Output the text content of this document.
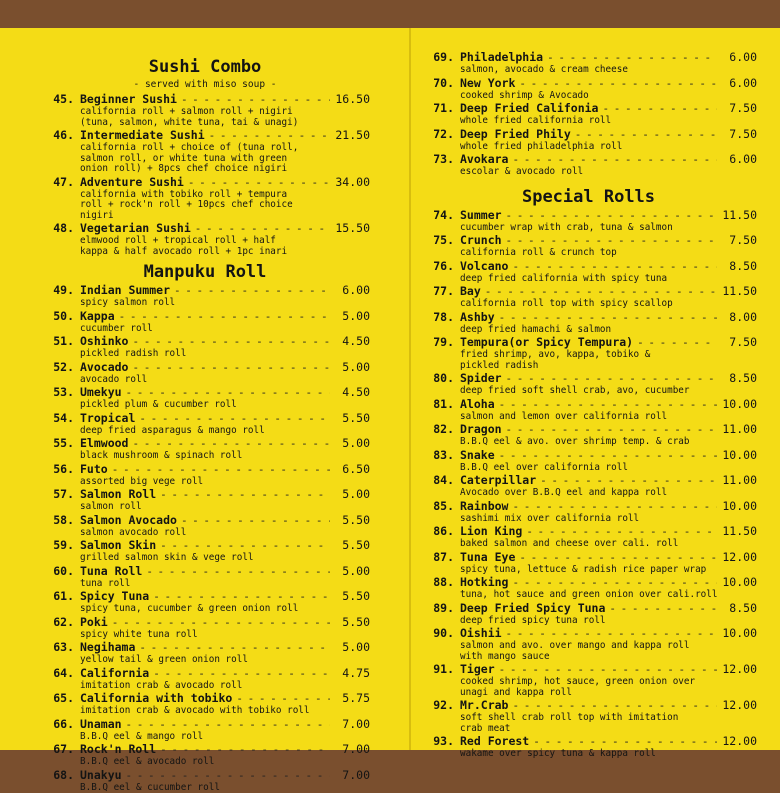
Sushi Combo
- served with miso soup -
45. Beginner Sushi - - -	16.50
california roll + salmon roll + nigiri
(tuna, salmon, white tuna, tai & unagi)
46. Intermediate Sushi - - -	21.50
california roll + choice of (tuna roll,
salmon roll, or white tuna with green
onion roll) + 8pcs chef choice nigiri
47. Adventure Sushi - - -	34.00
california with tobiko roll + tempura
roll + rock'n roll + 10pcs chef choice
nigiri
48. Vegetarian Sushi - - -	15.50
elmwood roll + tropical roll + half
kappa & half avocado roll + 1pc inari
Manpuku Roll
49. Indian Summer - - -	6.00
spicy salmon roll
50. Kappa - - -	5.00
cucumber roll
51. Oshinko - - -	4.50
pickled radish roll
52. Avocado - - -	5.00
avocado roll
53. Umekyu - - -	4.50
pickled plum & cucumber roll
54. Tropical - - -	5.50
deep fried asparagus & mango roll
55. Elmwood - - -	5.00
black mushroom & spinach roll
56. Futo - - -	6.50
assorted big vege roll
57. Salmon Roll - - -	5.00
salmon roll
58. Salmon Avocado - - -	5.50
salmon avocado roll
59. Salmon Skin - - -	5.50
grilled salmon skin & vege roll
60. Tuna Roll - - -	5.00
tuna roll
61. Spicy Tuna - - -	5.50
spicy tuna, cucumber & green onion roll
62. Poki - - -	5.50
spicy white tuna roll
63. Negihama - - -	5.00
yellow tail & green onion roll
64. California - - -	4.75
imitation crab & avocado roll
65. California with tobiko - - -	5.75
imitation crab & avocado with tobiko roll
66. Unaman - - -	7.00
B.B.Q eel & mango roll
67. Rock'n Roll - - -	7.00
B.B.Q eel & avocado roll
68. Unakyu - - -	7.00
B.B.Q eel & cucumber roll
69. Philadelphia - - -	6.00
salmon, avocado & cream cheese
70. New York - - -	6.00
cooked shrimp & Avocado
71. Deep Fried Califonia - - -	7.50
whole fried california roll
72. Deep Fried Phily - - -	7.50
whole fried philadelphia roll
73. Avokara - - -	6.00
escolar & avocado roll
Special Rolls
74. Summer - - -	11.50
cucumber wrap with crab, tuna & salmon
75. Crunch - - -	7.50
california roll & crunch top
76. Volcano - - -	8.50
deep fried california with spicy tuna
77. Bay - - -	11.50
california roll top with spicy scallop
78. Ashby - - -	8.00
deep fried hamachi & salmon
79. Tempura(or Spicy Tempura) - - -	7.50
fried shrimp, avo, kappa, tobiko &
pickled radish
80. Spider - - -	8.50
deep fried soft shell crab, avo, cucumber
81. Aloha - - -	10.00
salmon and lemon over california roll
82. Dragon - - -	11.00
B.B.Q eel & avo. over shrimp temp. & crab
83. Snake - - -	10.00
B.B.Q eel over california roll
84. Caterpillar - - -	11.00
Avocado over B.B.Q eel and kappa roll
85. Rainbow - - -	10.00
sashimi mix over california roll
86. Lion King - - -	11.50
baked salmon and cheese over cali. roll
87. Tuna Eye - - -	12.00
spicy tuna, lettuce & radish rice paper wrap
88. Hotking - - -	10.00
tuna, hot sauce and green onion over cali.roll
89. Deep Fried Spicy Tuna - - -	8.50
deep fried spicy tuna roll
90. Oishii - - -	10.00
salmon and avo. over mango and kappa roll
with mango sauce
91. Tiger - - -	12.00
cooked shrimp, hot sauce, green onion over
unagi and kappa roll
92. Mr.Crab - - -	12.00
soft shell crab roll top with imitation
crab meat
93. Red Forest - - -	12.00
wakame over spicy tuna & kappa roll
